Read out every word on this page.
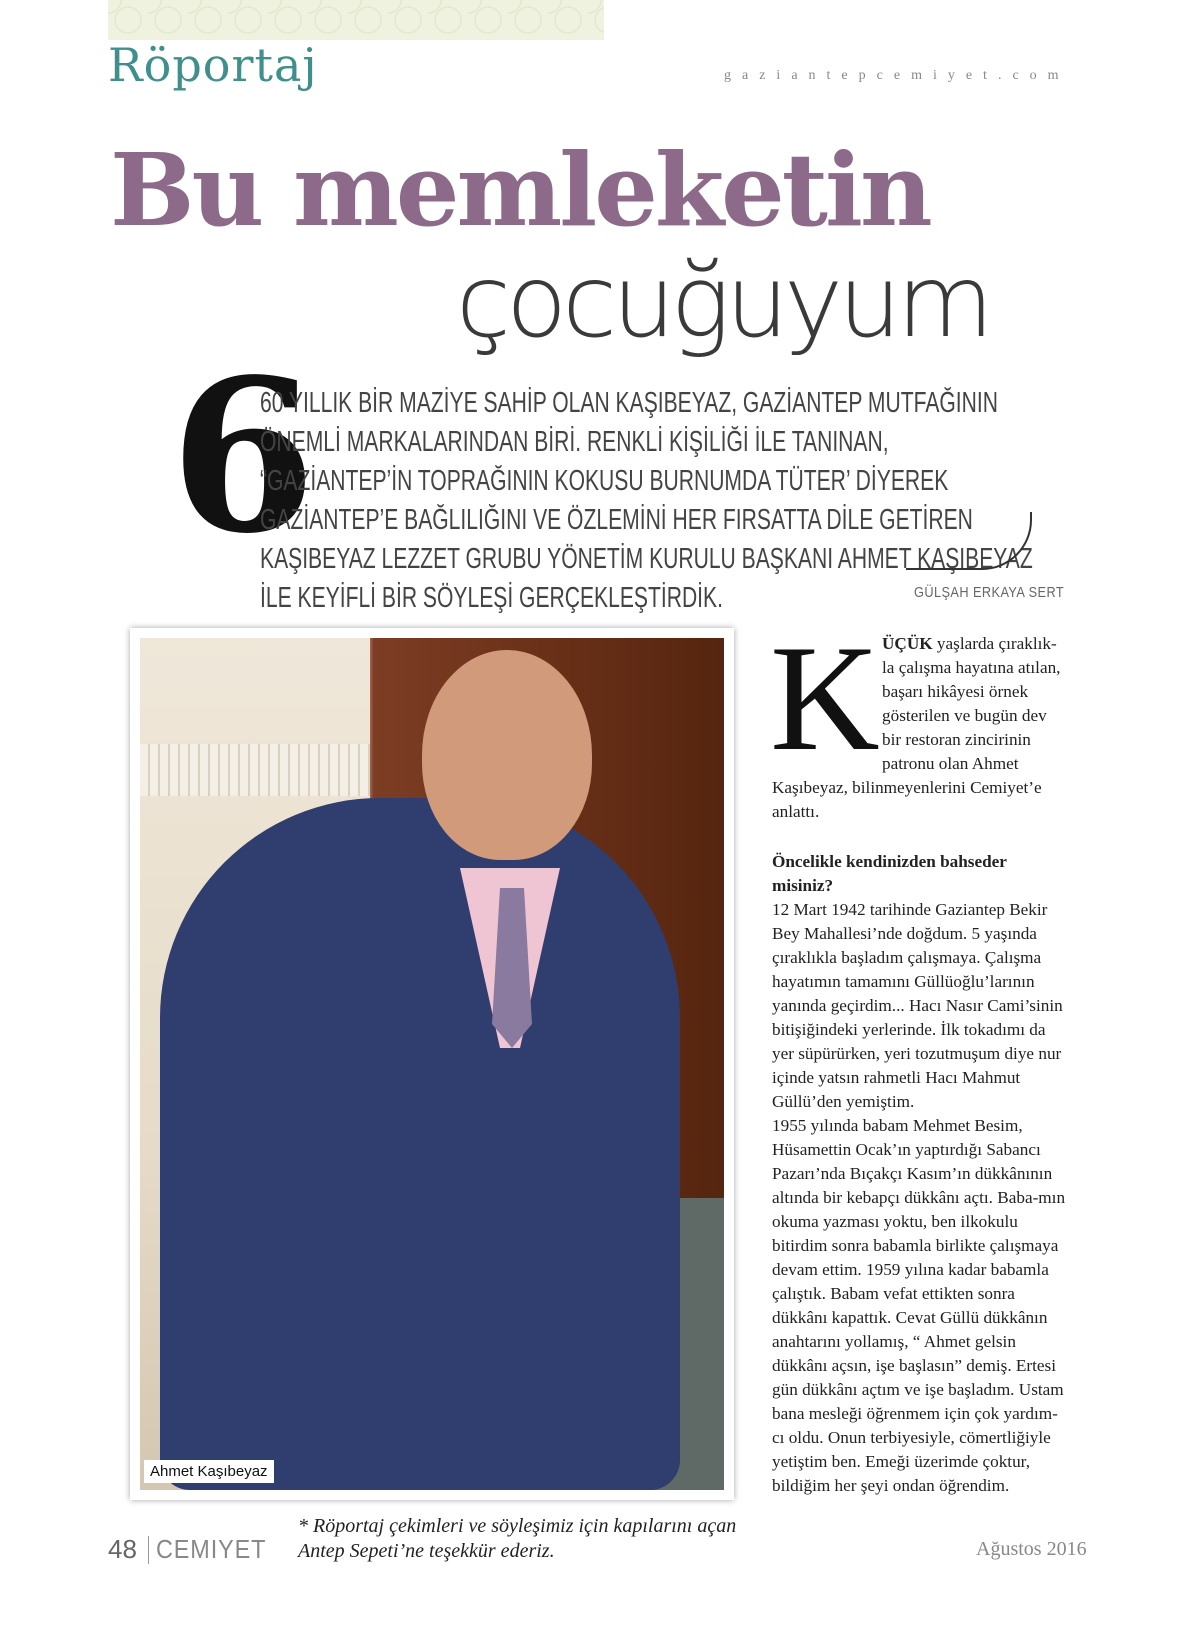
Röportaj	gaziantepcemiyet.com
Bu memleketin
çocuğuyum
6
60 YILLIK BİR MAZİYE SAHİP OLAN KAŞIBEYAZ, GAZİANTEP MUTFAĞININ ÖNEMLİ MARKALARINDAN BİRİ. RENKLİ KİŞİLİĞİ İLE TANINAN, “GAZİANTEP’İN TOPRAĞININ KOKUSU BURNUMDA TÜTER’ DİYEREK GAZİANTEP’E BAĞLILIĞINI VE ÖZLEMİNİ HER FIRSATTA DİLE GETİREN KAŞIBEYAZ LEZZET GRUBU YÖNETİM KURULU BAŞKANI AHMET KAŞIBEYAZ İLE KEYİFLİ BİR SÖYLEŞİ GERÇEKLEŞTİRDİK.	GÜLŞAH ERKAYA SERT
Ahmet Kaşıbeyaz
K ÜÇÜK yaşlarda çıraklık-
la çalışma hayatına atılan,
başarı hikâyesi örnek
gösterilen ve bugün dev
bir restoran zincirinin
patronu olan Ahmet
Kaşıbeyaz, bilinmeyenlerini Cemiyet’e anlattı.

Öncelikle kendinizden bahseder misiniz?

12 Mart 1942 tarihinde Gaziantep Bekir Bey Mahallesi’nde doğdum. 5 yaşında çıraklıkla başladım çalışmaya. Çalışma hayatımın tamamını Güllüoğlu’larının yanında geçirdim... Hacı Nasır Cami’sinin bitişiğindeki yerlerinde. İlk tokadımı da yer süpürürken, yeri tozutmuşum diye nur içinde yatsın rahmetli Hacı Mahmut Güllü’den yemiştim.

1955 yılında babam Mehmet Besim, Hüsamettin Ocak’ın yaptırdığı Sabancı Pazarı’nda Bıçakçı Kasım’ın dükkânının altında bir kebapçı dükkânı açtı. Baba-mın okuma yazması yoktu, ben ilkokulu bitirdim sonra babamla birlikte çalışmaya devam ettim. 1959 yılına kadar babamla çalıştık. Babam vefat ettikten sonra dükkânı kapattık. Cevat Güllü dükkânın anahtarını yollamış, “ Ahmet gelsin dükkânı açsın, işe başlasın” demiş. Ertesi gün dükkânı açtım ve işe başladım. Ustam bana mesleği öğrenmem için çok yardım-cı oldu. Onun terbiyesiyle, cömertliğiyle yetiştim ben. Emeği üzerimde çoktur, bildiğim her şeyi ondan öğrendim.

* Röportaj çekimleri ve söyleşimiz için kapılarını açan Antep Sepeti’ne teşekkür ederiz.
48 CEMIYET	Ağustos 2016
